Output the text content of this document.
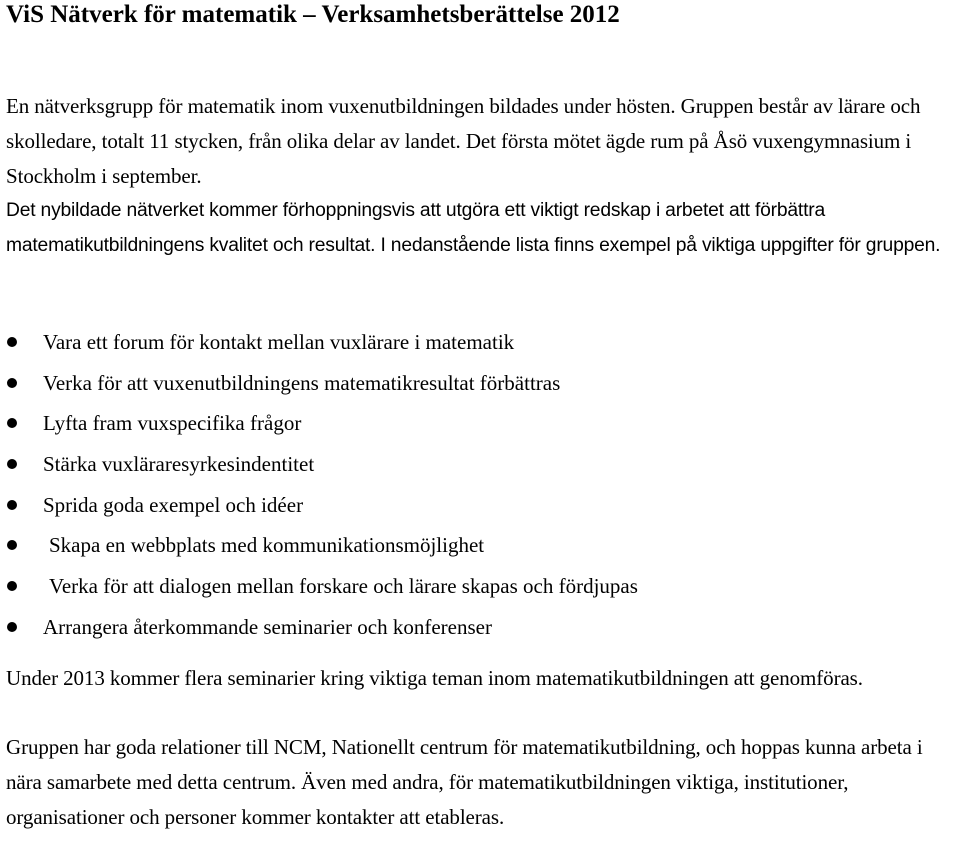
ViS Nätverk för matematik – Verksamhetsberättelse 2012

En nätverksgrupp för matematik inom vuxenutbildningen bildades under hösten. Gruppen består av lärare och skolledare, totalt 11 stycken, från olika delar av landet. Det första mötet ägde rum på Åsö vuxengymnasium i Stockholm i september.

Det nybildade nätverket kommer förhoppningsvis att utgöra ett viktigt redskap i arbetet att förbättra matematikutbildningens kvalitet och resultat. I nedanstående lista finns exempel på viktiga uppgifter för gruppen.

Vara ett forum för kontakt mellan vuxlärare i matematik
Verka för att vuxenutbildningens matematikresultat förbättras
Lyfta fram vuxspecifika frågor
Stärka vuxläraresyrkesindentitet
Sprida goda exempel och idéer
Skapa en webbplats med kommunikationsmöjlighet
Verka för att dialogen mellan forskare och lärare skapas och fördjupas
Arrangera återkommande seminarier och konferenser

Under 2013 kommer flera seminarier kring viktiga teman inom matematikutbildningen att genomföras.

Gruppen har goda relationer till NCM, Nationellt centrum för matematikutbildning, och hoppas kunna arbeta i nära samarbete med detta centrum. Även med andra, för matematikutbildningen viktiga, institutioner, organisationer och personer kommer kontakter att etableras.
